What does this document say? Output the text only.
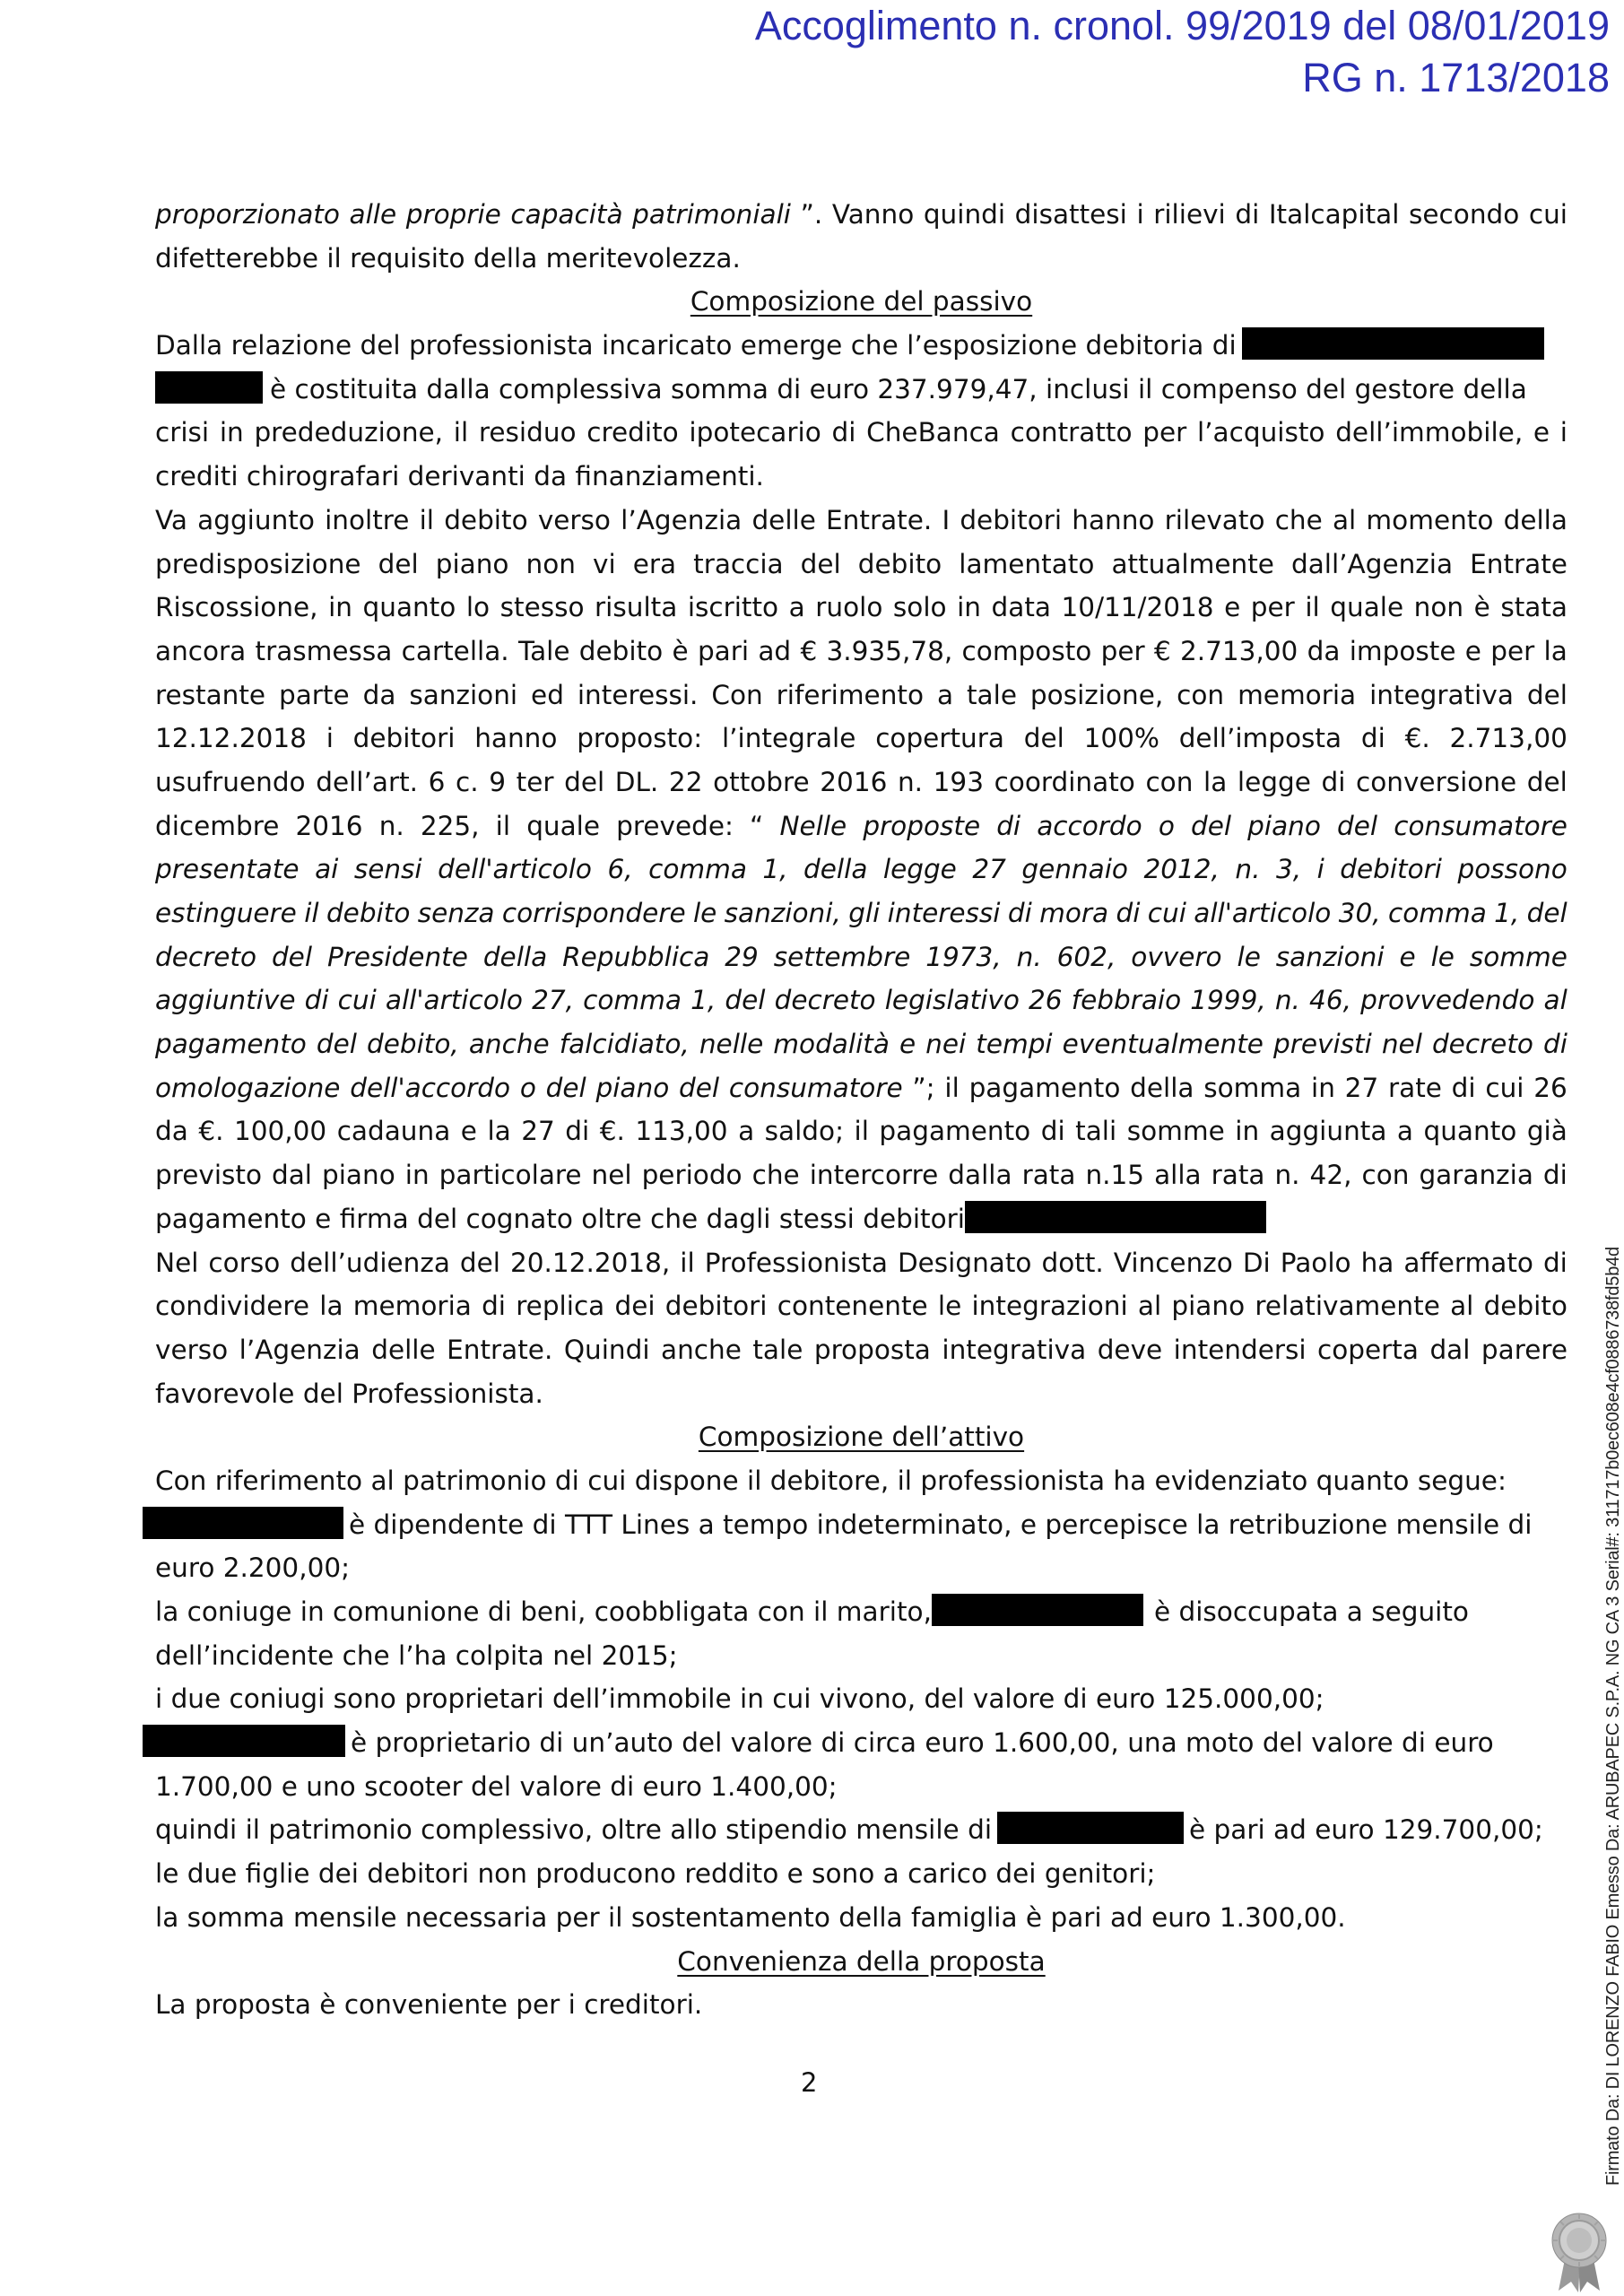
Accoglimento n. cronol. 99/2019 del 08/01/2019
RG n. 1713/2018
proporzionato alle proprie capacità patrimoniali ”. Vanno quindi disattesi i rilievi di Italcapital secondo cui
difetterebbe il requisito della meritevolezza.
Composizione del passivo
Dalla relazione del professionista incaricato emerge che l’esposizione debitoria di
è costituita dalla complessiva somma di euro 237.979,47, inclusi il compenso del gestore della
crisi in prededuzione, il residuo credito ipotecario di CheBanca contratto per l’acquisto dell’immobile, e i
crediti chirografari derivanti da finanziamenti.
Va aggiunto inoltre il debito verso l’Agenzia delle Entrate. I debitori hanno rilevato che al momento della
predisposizione del piano non vi era traccia del debito lamentato attualmente dall’Agenzia Entrate
Riscossione, in quanto lo stesso risulta iscritto a ruolo solo in data 10/11/2018 e per il quale non è stata
ancora trasmessa cartella. Tale debito è pari ad € 3.935,78, composto per € 2.713,00 da imposte e per la
restante parte da sanzioni ed interessi. Con riferimento a tale posizione, con memoria integrativa del
12.12.2018 i debitori hanno proposto: l’integrale copertura del 100% dell’imposta di €. 2.713,00
usufruendo dell’art. 6 c. 9 ter del DL. 22 ottobre 2016 n. 193 coordinato con la legge di conversione del
dicembre 2016 n. 225, il quale prevede: “ Nelle proposte di accordo o del piano del consumatore
presentate ai sensi dell'articolo 6, comma 1, della legge 27 gennaio 2012, n. 3, i debitori possono
estinguere il debito senza corrispondere le sanzioni, gli interessi di mora di cui all'articolo 30, comma 1, del
decreto del Presidente della Repubblica 29 settembre 1973, n. 602, ovvero le sanzioni e le somme
aggiuntive di cui all'articolo 27, comma 1, del decreto legislativo 26 febbraio 1999, n. 46, provvedendo al
pagamento del debito, anche falcidiato, nelle modalità e nei tempi eventualmente previsti nel decreto di
omologazione dell'accordo o del piano del consumatore ”; il pagamento della somma in 27 rate di cui 26
da €. 100,00 cadauna e la 27 di €. 113,00 a saldo; il pagamento di tali somme in aggiunta a quanto già
previsto dal piano in particolare nel periodo che intercorre dalla rata n.15 alla rata n. 42, con garanzia di
pagamento e firma del cognato oltre che dagli stessi debitori
Nel corso dell’udienza del 20.12.2018, il Professionista Designato dott. Vincenzo Di Paolo ha affermato di
condividere la memoria di replica dei debitori contenente le integrazioni al piano relativamente al debito
verso l’Agenzia delle Entrate. Quindi anche tale proposta integrativa deve intendersi coperta dal parere
favorevole del Professionista.
Composizione dell’attivo
Con riferimento al patrimonio di cui dispone il debitore, il professionista ha evidenziato quanto segue:
è dipendente di TTT Lines a tempo indeterminato, e percepisce la retribuzione mensile di
euro 2.200,00;
la coniuge in comunione di beni, coobbligata con il marito,	è disoccupata a seguito
dell’incidente che l’ha colpita nel 2015;
i due coniugi sono proprietari dell’immobile in cui vivono, del valore di euro 125.000,00;
è proprietario di un’auto del valore di circa euro 1.600,00, una moto del valore di euro
1.700,00 e uno scooter del valore di euro 1.400,00;
quindi il patrimonio complessivo, oltre allo stipendio mensile di	è pari ad euro 129.700,00;
le due figlie dei debitori non producono reddito e sono a carico dei genitori;
la somma mensile necessaria per il sostentamento della famiglia è pari ad euro 1.300,00.
Convenienza della proposta
La proposta è conveniente per i creditori.
2	Firmato Da: DI LORENZO FABIO Emesso Da: ARUBAPEC S.P.A. NG CA 3 Serial#: 311717b0ec608e4cf0886738fd5b4d
